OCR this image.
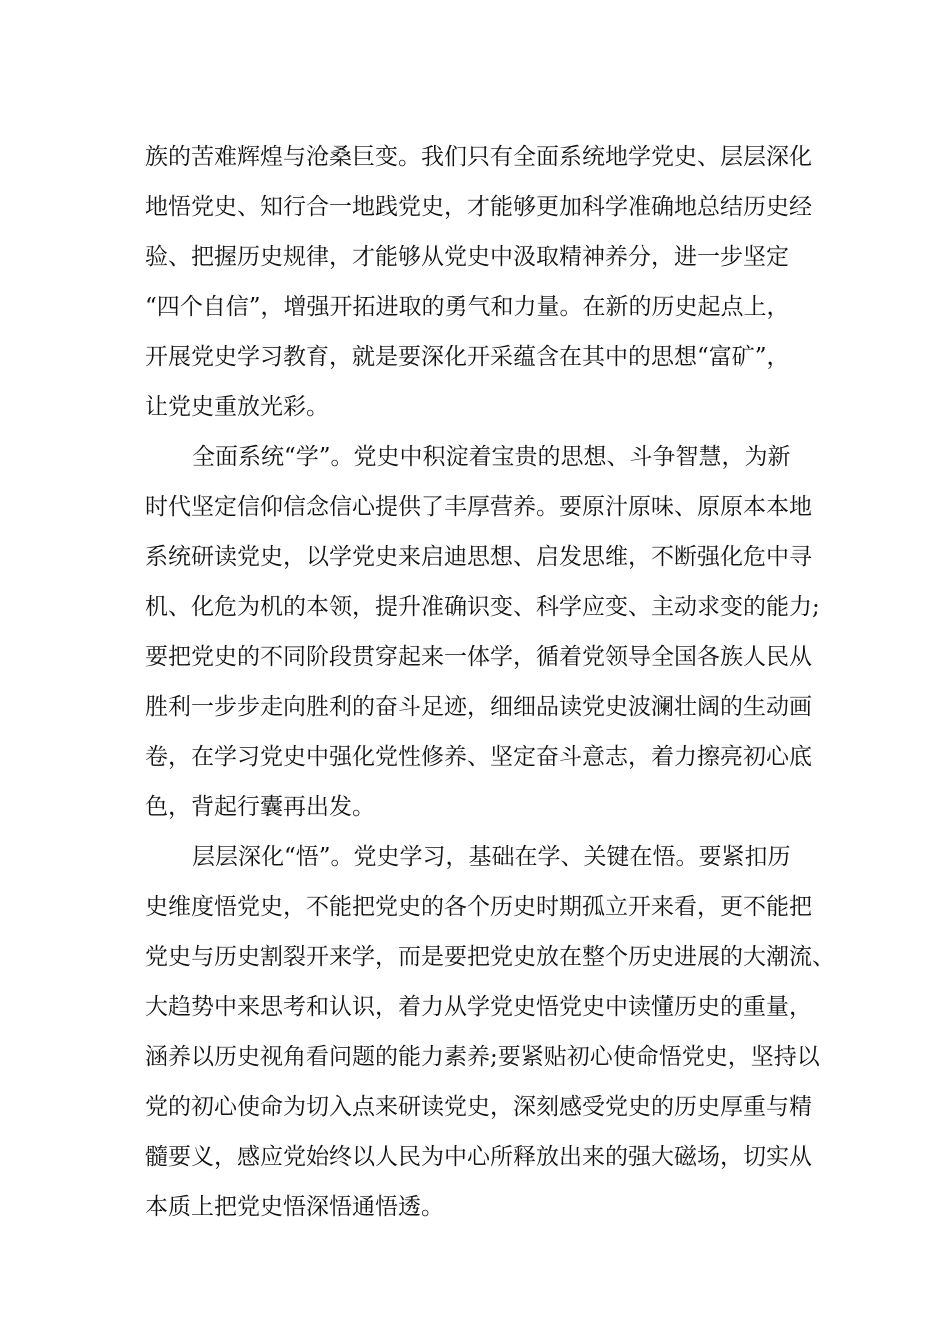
族的苦难辉煌与沧桑巨变。我们只有全面系统地学党史、层层深化
地悟党史、知行合一地践党史，才能够更加科学准确地总结历史经
验、把握历史规律，才能够从党史中汲取精神养分，进一步坚定
“四个自信”，增强开拓进取的勇气和力量。在新的历史起点上，
开展党史学习教育，就是要深化开采蕴含在其中的思想“富矿”，
让党史重放光彩。
全面系统“学”。党史中积淀着宝贵的思想、斗争智慧，为新
时代坚定信仰信念信心提供了丰厚营养。要原汁原味、原原本本地
系统研读党史，以学党史来启迪思想、启发思维，不断强化危中寻
机、化危为机的本领，提升准确识变、科学应变、主动求变的能力;
要把党史的不同阶段贯穿起来一体学，循着党领导全国各族人民从
胜利一步步走向胜利的奋斗足迹，细细品读党史波澜壮阔的生动画
卷，在学习党史中强化党性修养、坚定奋斗意志，着力擦亮初心底
色，背起行囊再出发。
层层深化“悟”。党史学习，基础在学、关键在悟。要紧扣历
史维度悟党史，不能把党史的各个历史时期孤立开来看，更不能把
党史与历史割裂开来学，而是要把党史放在整个历史进展的大潮流、
大趋势中来思考和认识，着力从学党史悟党史中读懂历史的重量，
涵养以历史视角看问题的能力素养;要紧贴初心使命悟党史，坚持以
党的初心使命为切入点来研读党史，深刻感受党史的历史厚重与精
髓要义，感应党始终以人民为中心所释放出来的强大磁场，切实从
本质上把党史悟深悟通悟透。
